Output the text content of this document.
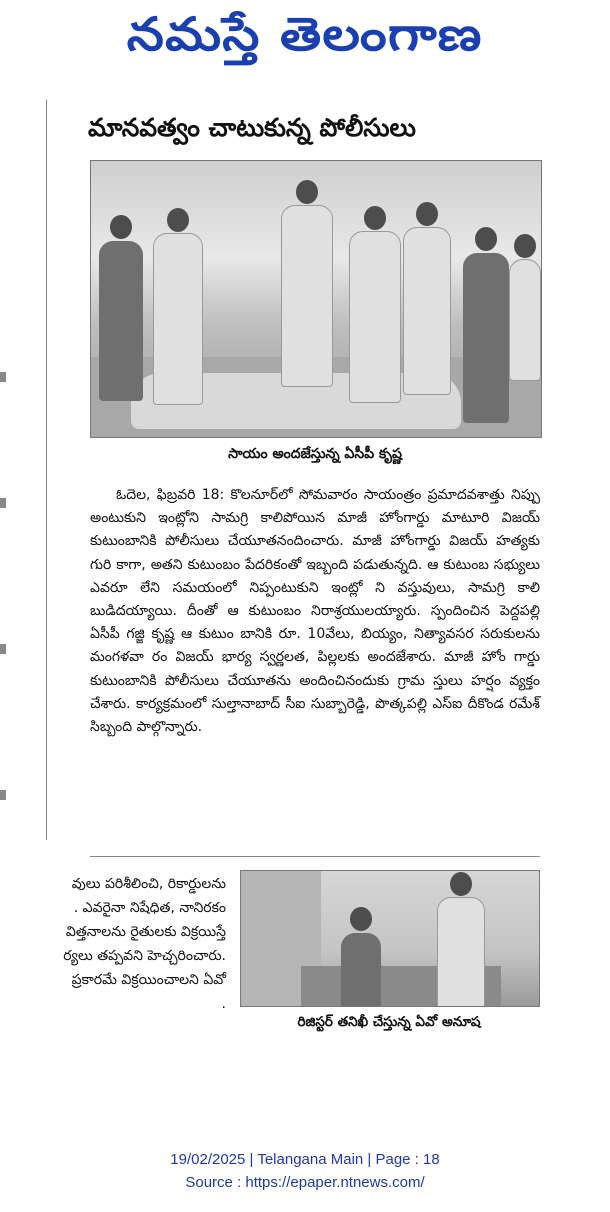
నమస్తే తెలంగాణ
మానవత్వం చాటుకున్న పోలీసులు
సాయం అందజేస్తున్న ఏసీపీ కృష్ణ

ఓదెల, ఫిబ్రవరి 18: కొలనూర్‌లో సోమవారం సాయంత్రం ప్రమాదవశాత్తు నిప్పు అంటుకుని ఇంట్లోని సామగ్రి కాలిపోయిన మాజీ హోంగార్డు మాటూరి విజయ్ కుటుంబానికి పోలీసులు చేయూతనందించారు. మాజీ హోంగార్డు విజయ్ హత్యకు గురి కాగా, అతని కుటుంబం పేదరికంతో ఇబ్బంది పడుతున్నది. ఆ కుటుంబ సభ్యులు ఎవరూ లేని సమయంలో నిప్పంటుకుని ఇంట్లో ని వస్తువులు, సామగ్రి కాలి బుడిదయ్యాయి. దీంతో ఆ కుటుంబం నిరాశ్రయులయ్యారు. స్పందించిన పెద్దపల్లి ఏసీపీ గజ్జి కృష్ణ ఆ కుటుం బానికి రూ. 10వేలు, బియ్యం, నిత్యావసర సరుకులను మంగళవా రం విజయ్ భార్య స్వర్ణలత, పిల్లలకు అందజేశారు. మాజీ హోం గార్డు కుటుంబానికి పోలీసులు చేయూతను అందించినందుకు గ్రామ స్తులు హర్షం వ్యక్తం చేశారు. కార్యక్రమంలో సుల్తానాబాద్ సీఐ సుబ్బారెడ్డి, పొత్కపల్లి ఎస్ఐ దీకొండ రమేశ్ సిబ్బంది పాల్గొన్నారు.

వులు పరిశీలించి, రికార్డులను
. ఎవరైనా నిషేధిత, నానిరకం
విత్తనాలను రైతులకు విక్రయిస్తే
ర్యలు తప్పవని హెచ్చరించారు.
ప్రకారమే విక్రయించాలని ఏవో
.
రిజిస్టర్ తనిఖీ చేస్తున్న ఏవో అనూష
19/02/2025 | Telangana Main | Page : 18
Source : https://epaper.ntnews.com/
